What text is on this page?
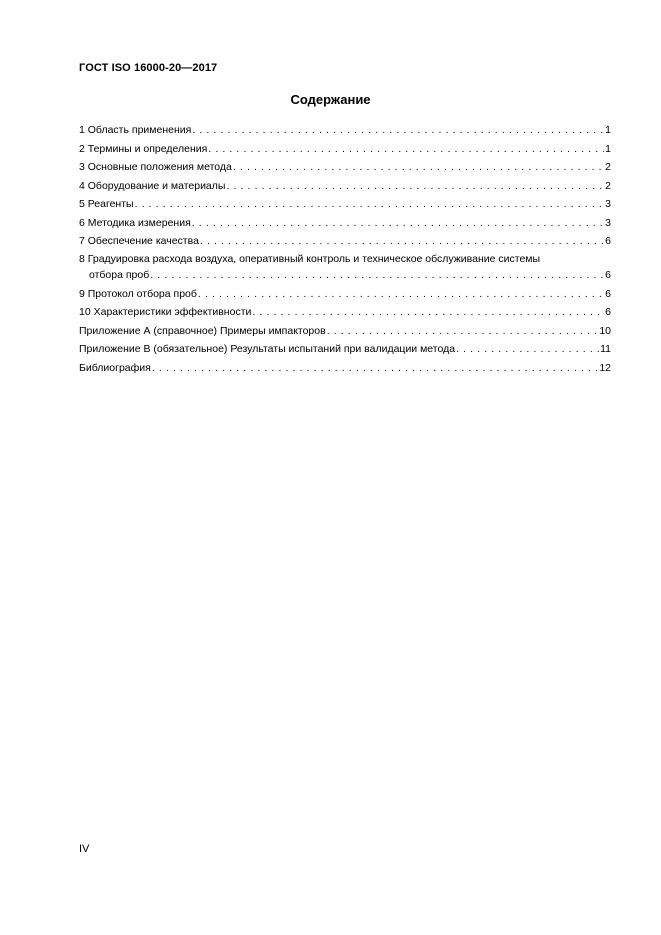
ГОСТ ISO 16000-20—2017
Содержание
1 Область применения . . .	1
2 Термины и определения . . .	1
3 Основные положения метода . . .	2
4 Оборудование и материалы . . .	2
5 Реагенты . . .	3
6 Методика измерения . . .	3
7 Обеспечение качества . . .	6
8 Градуировка расхода воздуха, оперативный контроль и техническое обслуживание системы
отбора проб . . .	6
9 Протокол отбора проб . . .	6
10 Характеристики эффективности . . .	6
Приложение А (справочное) Примеры импакторов . . .	10
Приложение В (обязательное) Результаты испытаний при валидации метода . . .	11
Библиография . . .	12
IV
